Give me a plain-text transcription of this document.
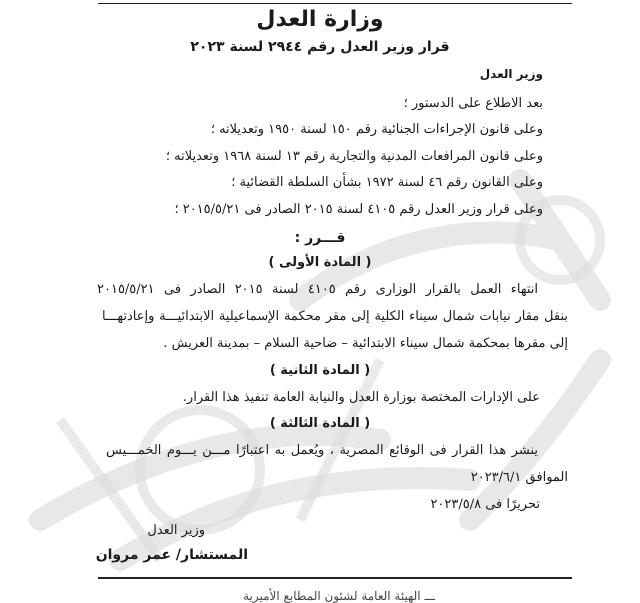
وزارة العدل
قرار وزير العدل رقم ٢٩٤٤ لسنة ٢٠٢٣
وزير العدل
بعد الاطلاع على الدستور ؛
وعلى قانون الإجراءات الجنائية رقم ١٥٠ لسنة ١٩٥٠ وتعديلاته ؛
وعلى قانون المرافعات المدنية والتجارية رقم ١٣ لسنة ١٩٦٨ وتعديلاته ؛
وعلى القانون رقم ٤٦ لسنة ١٩٧٢ بشأن السلطة القضائية ؛
وعلى قرار وزير العدل رقم ٤١٠٥ لسنة ٢٠١٥ الصادر فى ٢٠١٥/٥/٢١ ؛
قـــرر :
( المادة الأولى )
انتهاء العمل بالقرار الوزارى رقم ٤١٠٥ لسنة ٢٠١٥ الصادر فى ٢٠١٥/٥/٢١
بنقل مقار نيابات شمال سيناء الكلية إلى مقر محكمة الإسماعيلية الابتدائيـــة وإعادتهـــا
إلى مقرها بمحكمة شمال سيناء الابتدائية – ضاحية السلام – بمدينة العريش .
( المادة الثانية )
على الإدارات المختصة بوزارة العدل والنيابة العامة تنفيذ هذا القرار.
( المادة الثالثة )
ينشر هذا القرار فى الوقائع المصرية ، ويُعمل به اعتبارًا مـــن يـــوم الخمـــيس
الموافق ٢٠٢٣/٦/١
تحريرًا فى ٢٠٢٣/٥/٨
وزير العدل
المستشار/ عمر مروان
ـــ الهيئة العامة لشئون المطابع الأميرية
